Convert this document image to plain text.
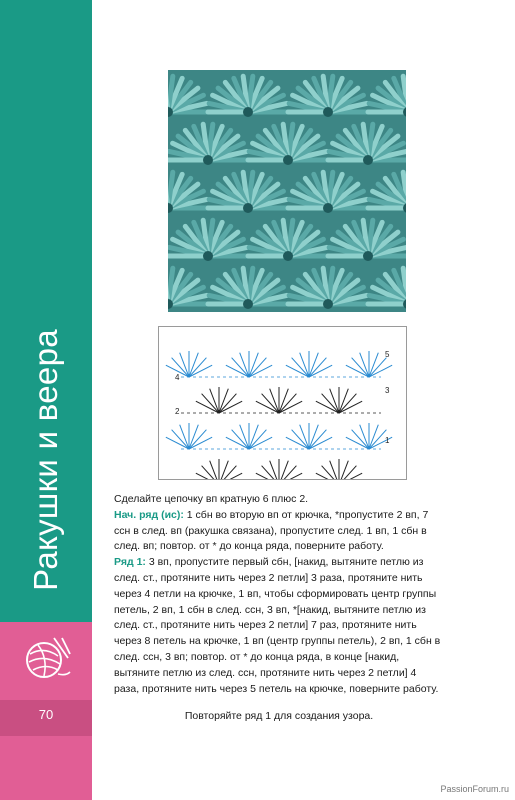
Ракушки и веера
70
5
4
3
2
1

Сделайте цепочку вп кратную 6 плюс 2.

Нач. ряд (ис): 1 сбн во вторую вп от крючка, *пропустите 2 вп, 7 ссн в след. вп (ракушка связана), пропустите след. 1 вп, 1 сбн в след. вп; повтор. от * до конца ряда, поверните работу.

Ряд 1: 3 вп, пропустите первый сбн, [накид, вытяните петлю из след. ст., протяните нить через 2 петли] 3 раза, протяните нить через 4 петли на крючке, 1 вп, чтобы сформировать центр группы петель, 2 вп, 1 сбн в след. ссн, 3 вп, *[накид, вытяните петлю из след. ст., протяните нить через 2 петли] 7 раз, протяните нить через 8 петель на крючке, 1 вп (центр группы петель), 2 вп, 1 сбн в след. ссн, 3 вп; повтор. от * до конца ряда, в конце [накид, вытяните петлю из след. ссн, протяните нить через 2 петли] 4 раза, протяните нить через 5 петель на крючке, поверните работу.

Повторяйте ряд 1 для создания узора.
PassionForum.ru
